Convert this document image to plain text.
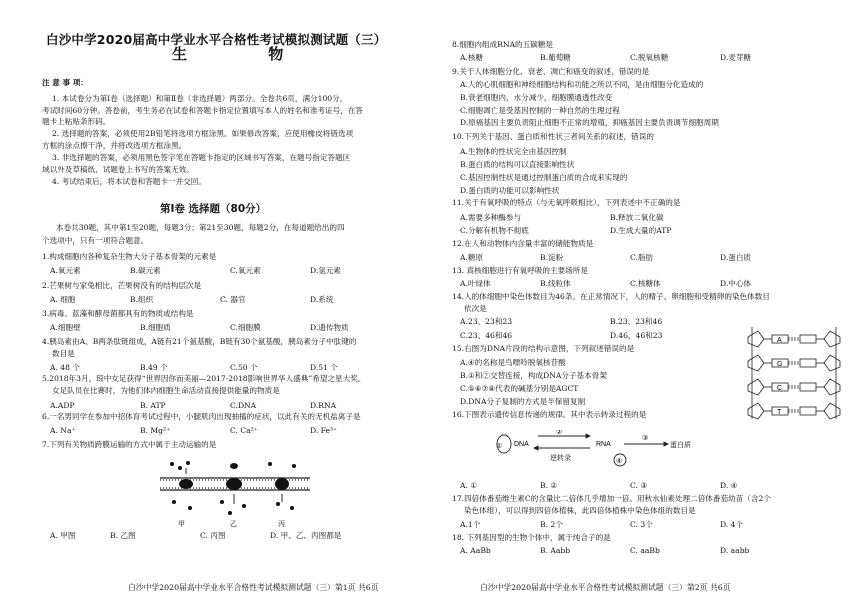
白沙中学2020届高中学业水平合格性考试模拟测试题（三）
生 物
注 意 事 项：
1. 本试卷分为第Ⅰ卷（选择题）和第Ⅱ卷（非选择题）两部分。全卷共6页，满分100分，
考试时间60分钟。答卷前，考生务必在试卷和答题卡指定位置填写本人的姓名和准考证号，在答
题卡上粘贴条形码。
2. 选择题的答案，必须使用2B铅笔将选项方框涂黑。如果修改答案，应使用橡皮将错选项
方框的涂点擦干净，并将改选项方框涂黑。
3. 非选择题的答案，必须用黑色签字笔在答题卡指定的区域书写答案，在题号指定答题区
域以外及草稿纸、试题卷上书写的答案无效。
4. 考试结束后，将本试卷和答题卡一并交回。
第Ⅰ卷 选择题（80分）
本卷共30题，其中第1至20题，每题3分；第21至30题，每题2分，在每道题给出的四
个选项中，只有一项符合题意。
1.构成细胞内各种复杂生物大分子基本骨架的元素是
A.氧元素	B.碳元素	C.氧元素	D.氢元素
2.芒果树与家兔相比，芒果树没有的结构层次是
A. 细胞	B.组织	C. 器官	D.系统
3.病毒、蓝藻和酵母菌都具有的物质或结构是
A.细胞壁	B.细胞质	C.细胞膜	D.遗传物质
4.胰岛素由A、B两条肽链组成，A链有21个氨基酸，B链有30个氨基酸，胰岛素分子中肽键的
数目是
A. 48 个	B.49 个	C.50 个	D.51 个
5.2018年3月，琼中女足获得“世界因你而美丽—2017-2018影响世界华人盛典”希望之星大奖。
女足队员在比赛时，为他们体内细胞生命活动直接提供能量的物质是
A.ADP	B. ATP	C.DNA	D.RNA
6.一名男同学在参加中招体育考试过程中，小腿肌肉出现抽搐的症状，以此有关的无机盐离子是
A. Na⁺	B. Mg²⁺	C. Ca²⁺	D. Fe³⁺
7.下列有关物质跨膜运输的方式中属于主动运输的是
A. 甲图	B. 乙图	C. 丙图	D. 甲、乙、丙图都是
甲	乙	丙
白沙中学2020届高中学业水平合格性考试模拟测试题（三）第1页 共6页
8.细胞内组成RNA的五碳糖是
A.核糖	B.葡萄糖	C.脱氧核糖	D.麦芽糖
9.关于人体细胞分化、衰老、凋亡和癌变的叙述，错误的是
A.人的心肌细胞和神经细胞结构和功能之所以不同，是由细胞分化造成的
B.衰老细胞内，水分减少，细胞膜通透性改变
C.细胞凋亡是受基因控制的一种自然的生理过程
D.原癌基因主要负责阻止细胞不正常的增殖，抑癌基因主要负责调节细胞周期
10.下列关于基因、蛋白质和性状三者间关系的叙述，错误的
A.生物体的性状完全由基因控制
B.蛋白质的结构可以直接影响性状
C.基因控制性状是通过控制蛋白质的合成来实现的
D.蛋白质的功能可以影响性状
11.关于有氧呼吸的特点（与无氧呼吸相比），下列表述中不正确的是
A.需要多种酶参与	B.释放二氧化碳
C.分解有机物不彻底	D.生成大量的ATP
12.在人和动物体内含量丰富的储能物质是
A.糖原	B.淀粉	C.脂肪	D.蛋白质
13. 真核细胞进行有氧呼吸的主要场所是
A.叶绿体	B.线粒体	C.核糖体	D.中心体
14.人的体细胞中染色体数目为46条。在正常情况下，人的精子、卵细胞和受精卵的染色体数目
依次是
A.23、23和23	B.23、23和46
C.23、46和46	D.46、46和23
15.右图为DNA片段的结构示意图，下列叙述错误的是
A.④的名称是鸟嘌呤脱氧核苷酸
B.①和②交替连接，构成DNA分子基本骨架
C.⑤⑥⑦⑧代表的碱基分别是AGCT
D.DNA分子复制的方式是半保留复制
16.下图表示遗传信息传递的规律。其中表示转录过程的是
A. ①	B. ②	C. ③	D. ④
17.四倍体番茄维生素C的含量比二倍体几乎增加一倍。用秋水仙素处理二倍体番茄幼苗（含2个
染色体组），可以得到四倍体植株，此四倍体植株中染色体组的数目是
A.1个	B. 2个	C. 3个	D. 4个
18. 下列基因型的生物个体中，属于纯合子的是
A. AaBb	B. Aabb	C. aaBb	D. aabb
A
G
C
T
① DNA
②
RNA
③
蛋白质
逆转录	④
白沙中学2020届高中学业水平合格性考试模拟测试题（三）第2页 共6页
